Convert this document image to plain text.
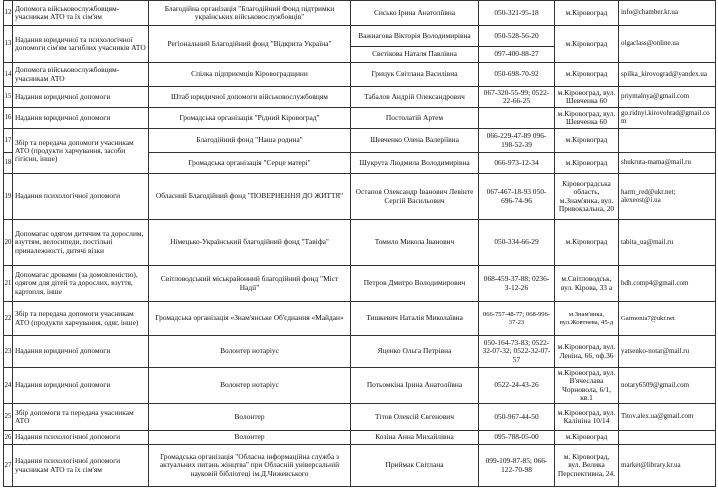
12	Допомога військовослужбовцям-учасникам АТО та їх сім'ям	Благодійна організація "Благодійний Фонд підтримки українських військовослужбовців"	Сисько Ірина Анатоліївна	050-321-95-18	м.Кіровоград	info@chamber.kr.ua
13	Надання юридичної та психологічної допомоги сім'ям загиблих учасників АТО	Регіональний Благодійний фонд "Відкрита Україна"	Важнагова Вікторія Володимирівна	050-528-56-20	м.Кіровоград	olgaclass@online.ua
			Свєтікова Наталя Павлівна	097-400-88-27		
14	Допомога військовослужбовцям-учасникам АТО	Спілка підприємців Кіровоградщини	Грицук Світлана Василівна	050-698-70-92	м.Кіровоград	spilka_kirovograd@yandex.ua
15	Надання юридичної допомоги	Штаб юридичної допомоги військовослужбовцям	Табалов Андрій Олександрович	067-320-55-99; 0522-22-66-25	м.Кіровоград, вул. Шевченка 60	priymalnya@gmail.com
16	Надання юридичної допомоги	Громадська організація "Рідний Кіровоград"	Постолатій Артем		м.Кіровоград, вул. Шевченка 60	go.ridnyi.kirovohrad@gmail.com
17	Збір та передача допомоги учасникам АТО (продукти харчування, засоби гігієни, інше)	Благодійний фонд "Наша родина"	Шевченко Олена Валеріївна	066-229-47-89 096-198-52-39	м.Кіровоград	
18		Громадська організація "Серце матері"	Шукрута Людмила Володимирівна	066-973-12-34	м.Кіровоград	shukruta-mama@mail.ru
19	Надання психологічної допомоги	Обласний Благодійний фонд "ПОВЕРНЕННЯ ДО ЖИТТЯ"	Остапов Олександр Іванович Левінте Сергій Васильович	067-467-18-93 050-696-74-96	Кіровоградська область, м.Знам'янка, вул. Привокзальна, 20	harm_red@ukr.net; alexeost@i.ua
20	Допомагає одягом дитячим та дорослим, взуттям, велосипеди, постільні приналежності, дитячі візки	Німецько-Український благодійний фонд "Тавіфа"	Томило Микола Іванович	050-334-66-29	м.Кіровоград	tabita_ua@mail.ru
21	Допомагає дровами (за домовленістю), одягом для дітей та дорослих, взуття, картопля, інше	Світловодський міськрайонний благодійний фонд "Міст Надії"	Петров Дмитро Володимирович	068-459-37-88; 0236-3-12-26	м.Світловодськ, вул. Кірова, 33 а	bdh.comp4@gmail.com
22	Збір та передача допомоги учасникам АТО (продукти харчування, одяг, інше)	Громадська організація «Знам'янське Об'єднання «Майдан»	Тишкевич Наталія Миколаївна	066-757-48-77; 068-996-37-23	м.Знам'янка, вул.Жовтнева, 45-д	Garmonia7@ukr.net
23	Надання юридичної допомоги	Волонтер нотаріус	Яценко Ольга Петрівна	050-164-73-83; 0522-32-07-32; 0522-32-07-57	м.Кіровоград, вул. Леніна, 66, оф.36	yatsenko-notar@mail.ru
24	Надання юридичної допомоги	Волонтер нотаріус	Потьомкіна Ірина Анатоліївна	0522-24-43-26	м.Кіровоград, вул. В'ячеслава Чорновола, 6/1, кв.1	notary6509@gmail.com
25	Збір допомоги та передача учасникам АТО	Волонтер	Тітов Олексій Євгенович	050-967-44-50	м.Кіровоград, вул. Калініна 10/14	Titov.alex.ua@gmail.com
26	Надання психологічної допомоги	Волонтер	Козіна Анна Михайлівна	095-788-05-00	м.Кіровоград	
27	Надання психологічної допомоги учасникам АТО та їх сім'ям	Громадська організація "Обласна інформаційна служба з актуальних питань жінцтва" при Обласній універсальній науковій бібліотеці ім.Д.Чижевського	Приймак Світлана	099-109-87-85; 066-122-70-98	м. Кіровоград, вул. Велика Перспективна, 24.	market@library.kr.ua
